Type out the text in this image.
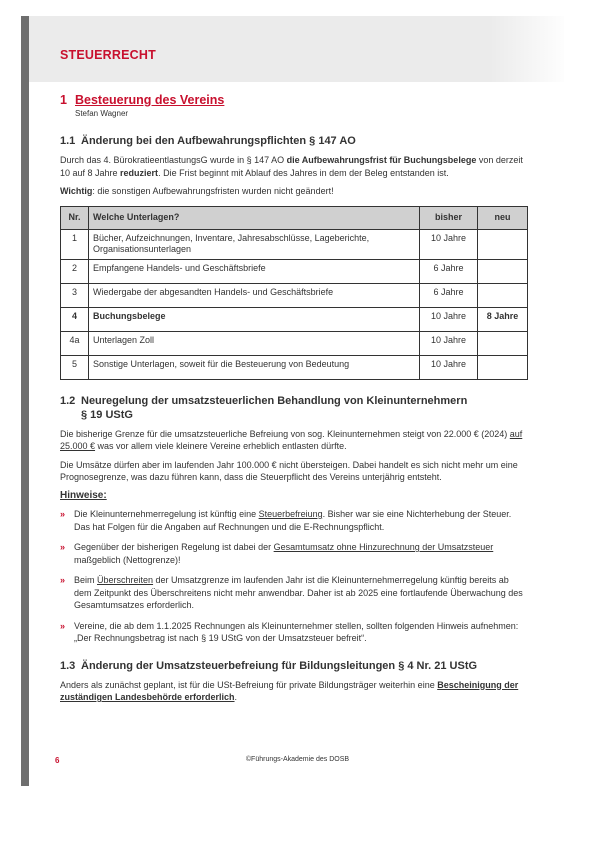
STEUERRECHT
1 Besteuerung des Vereins
Stefan Wagner
1.1 Änderung bei den Aufbewahrungspflichten § 147 AO

Durch das 4. BürokratieentlastungsG wurde in § 147 AO die Aufbewahrungsfrist für Buchungsbelege von derzeit 10 auf 8 Jahre reduziert. Die Frist beginnt mit Ablauf des Jahres in dem der Beleg entstanden ist.

Wichtig: die sonstigen Aufbewahrungsfristen wurden nicht geändert!

Nr.	Welche Unterlagen?	bisher	neu
1	Bücher, Aufzeichnungen, Inventare, Jahresabschlüsse, Lageberichte, Organisationsunterlagen	10 Jahre	
2	Empfangene Handels- und Geschäftsbriefe	6 Jahre	
3	Wiedergabe der abgesandten Handels- und Geschäftsbriefe	6 Jahre	
4	Buchungsbelege	10 Jahre	8 Jahre
4a	Unterlagen Zoll	10 Jahre	
5	Sonstige Unterlagen, soweit für die Besteuerung von Bedeutung	10 Jahre	
1.2 Neuregelung der umsatzsteuerlichen Behandlung von Kleinunternehmern
§ 19 UStG

Die bisherige Grenze für die umsatzsteuerliche Befreiung von sog. Kleinunternehmen steigt von 22.000 € (2024) auf 25.000 € was vor allem viele kleinere Vereine erheblich entlasten dürfte.

Die Umsätze dürfen aber im laufenden Jahr 100.000 € nicht übersteigen. Dabei handelt es sich nicht mehr um eine Prognosegrenze, was dazu führen kann, dass die Steuerpflicht des Vereins unterjährig entsteht.

Hinweise:
» Die Kleinunternehmerregelung ist künftig eine Steuerbefreiung. Bisher war sie eine Nichterhebung der Steuer. Das hat Folgen für die Angaben auf Rechnungen und die E-Rechnungspflicht.
» Gegenüber der bisherigen Regelung ist dabei der Gesamtumsatz ohne Hinzurechnung der Umsatzsteuer maßgeblich (Nettogrenze)!
» Beim Überschreiten der Umsatzgrenze im laufenden Jahr ist die Kleinunternehmerregelung künftig bereits ab dem Zeitpunkt des Überschreitens nicht mehr anwendbar. Daher ist ab 2025 eine fortlaufende Überwachung des Gesamtumsatzes erforderlich.
» Vereine, die ab dem 1.1.2025 Rechnungen als Kleinunternehmer stellen, sollten folgenden Hinweis aufnehmen: „Der Rechnungsbetrag ist nach § 19 UStG von der Umsatzsteuer befreit“.
1.3 Änderung der Umsatzsteuerbefreiung für Bildungsleitungen § 4 Nr. 21 UStG

Anders als zunächst geplant, ist für die USt-Befreiung für private Bildungsträger weiterhin eine Bescheinigung der zuständigen Landesbehörde erforderlich.

6	©Führungs-Akademie des DOSB
